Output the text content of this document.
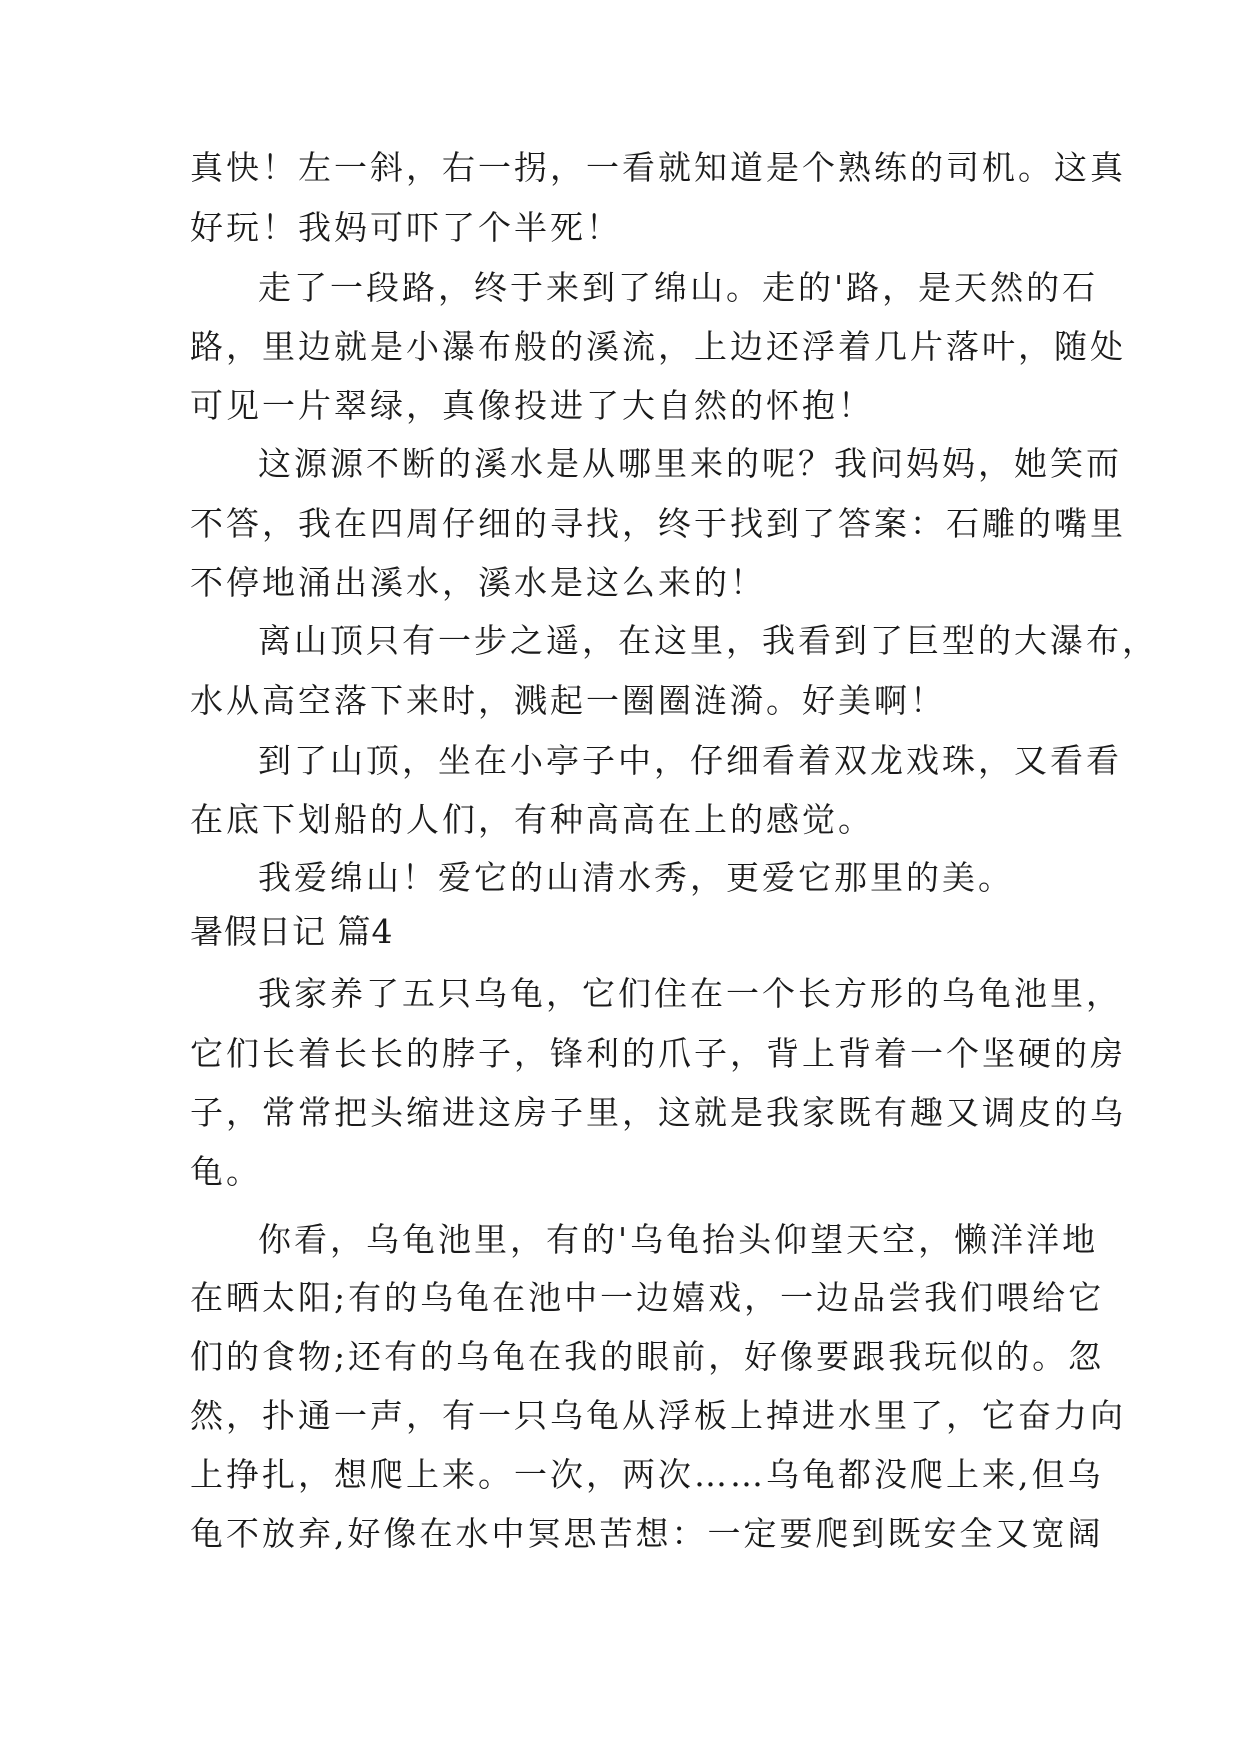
真快！左一斜，右一拐，一看就知道是个熟练的司机。这真
好玩！我妈可吓了个半死！
走了一段路，终于来到了绵山。走的'路，是天然的石
路，里边就是小瀑布般的溪流，上边还浮着几片落叶，随处
可见一片翠绿，真像投进了大自然的怀抱！
这源源不断的溪水是从哪里来的呢？我问妈妈，她笑而
不答，我在四周仔细的寻找，终于找到了答案：石雕的嘴里
不停地涌出溪水，溪水是这么来的！
离山顶只有一步之遥，在这里，我看到了巨型的大瀑布，
水从高空落下来时，溅起一圈圈涟漪。好美啊！
到了山顶，坐在小亭子中，仔细看着双龙戏珠，又看看
在底下划船的人们，有种高高在上的感觉。
我爱绵山！爱它的山清水秀，更爱它那里的美。
暑假日记 篇4
我家养了五只乌龟，它们住在一个长方形的乌龟池里，
它们长着长长的脖子，锋利的爪子，背上背着一个坚硬的房
子，常常把头缩进这房子里，这就是我家既有趣又调皮的乌
龟。
你看，乌龟池里，有的'乌龟抬头仰望天空，懒洋洋地
在晒太阳;有的乌龟在池中一边嬉戏，一边品尝我们喂给它
们的食物;还有的乌龟在我的眼前，好像要跟我玩似的。忽
然，扑通一声，有一只乌龟从浮板上掉进水里了，它奋力向
上挣扎，想爬上来。一次，两次……乌龟都没爬上来,但乌
龟不放弃,好像在水中冥思苦想：一定要爬到既安全又宽阔
